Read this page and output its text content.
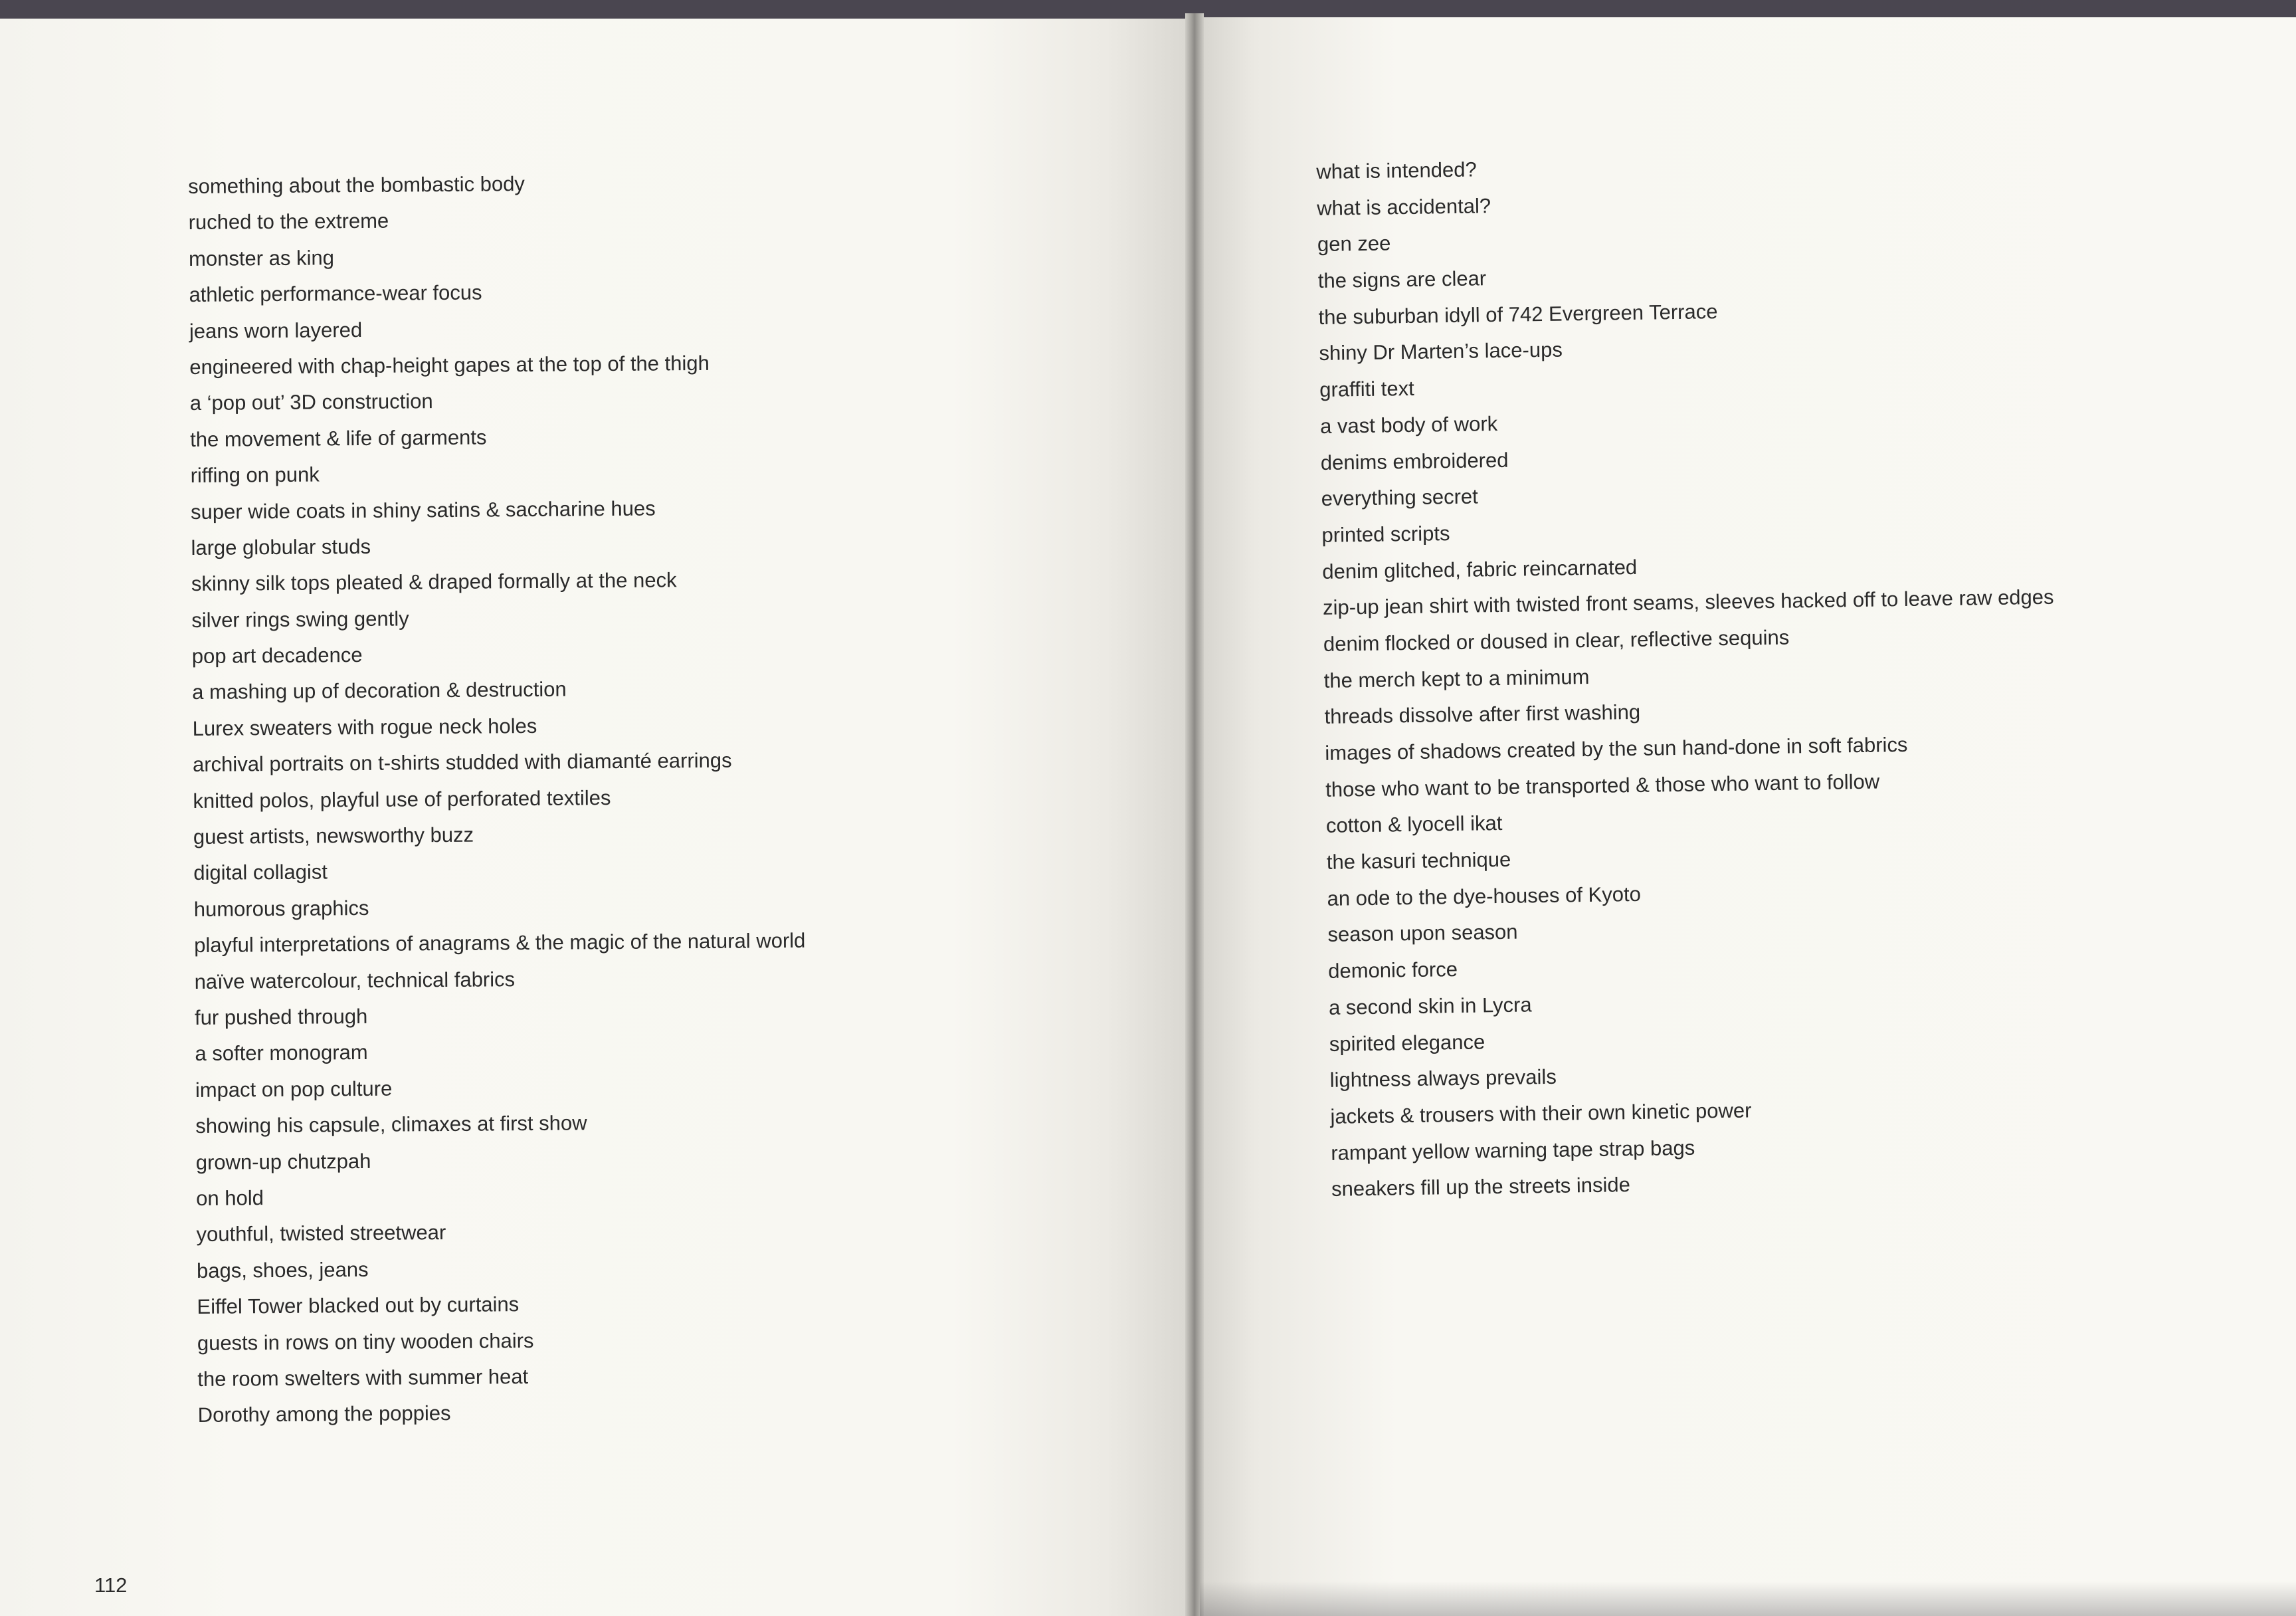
something about the bombastic body
ruched to the extreme
monster as king
athletic performance-wear focus
jeans worn layered
engineered with chap-height gapes at the top of the thigh
a ‘pop out’ 3D construction
the movement & life of garments
riffing on punk
super wide coats in shiny satins & saccharine hues
large globular studs
skinny silk tops pleated & draped formally at the neck
silver rings swing gently
pop art decadence
a mashing up of decoration & destruction
Lurex sweaters with rogue neck holes
archival portraits on t-shirts studded with diamanté earrings
knitted polos, playful use of perforated textiles
guest artists, newsworthy buzz
digital collagist
humorous graphics
playful interpretations of anagrams & the magic of the natural world
naïve watercolour, technical fabrics
fur pushed through
a softer monogram
impact on pop culture
showing his capsule, climaxes at first show
grown-up chutzpah
on hold
youthful, twisted streetwear
bags, shoes, jeans
Eiffel Tower blacked out by curtains
guests in rows on tiny wooden chairs
the room swelters with summer heat
Dorothy among the poppies
what is intended?
what is accidental?
gen zee
the signs are clear
the suburban idyll of 742 Evergreen Terrace
shiny Dr Marten’s lace-ups
graffiti text
a vast body of work
denims embroidered
everything secret
printed scripts
denim glitched, fabric reincarnated
zip-up jean shirt with twisted front seams, sleeves hacked off to leave raw edges
denim flocked or doused in clear, reflective sequins
the merch kept to a minimum
threads dissolve after first washing
images of shadows created by the sun hand-done in soft fabrics
those who want to be transported & those who want to follow
cotton & lyocell ikat
the kasuri technique
an ode to the dye-houses of Kyoto
season upon season
demonic force
a second skin in Lycra
spirited elegance
lightness always prevails
jackets & trousers with their own kinetic power
rampant yellow warning tape strap bags
sneakers fill up the streets inside
112
